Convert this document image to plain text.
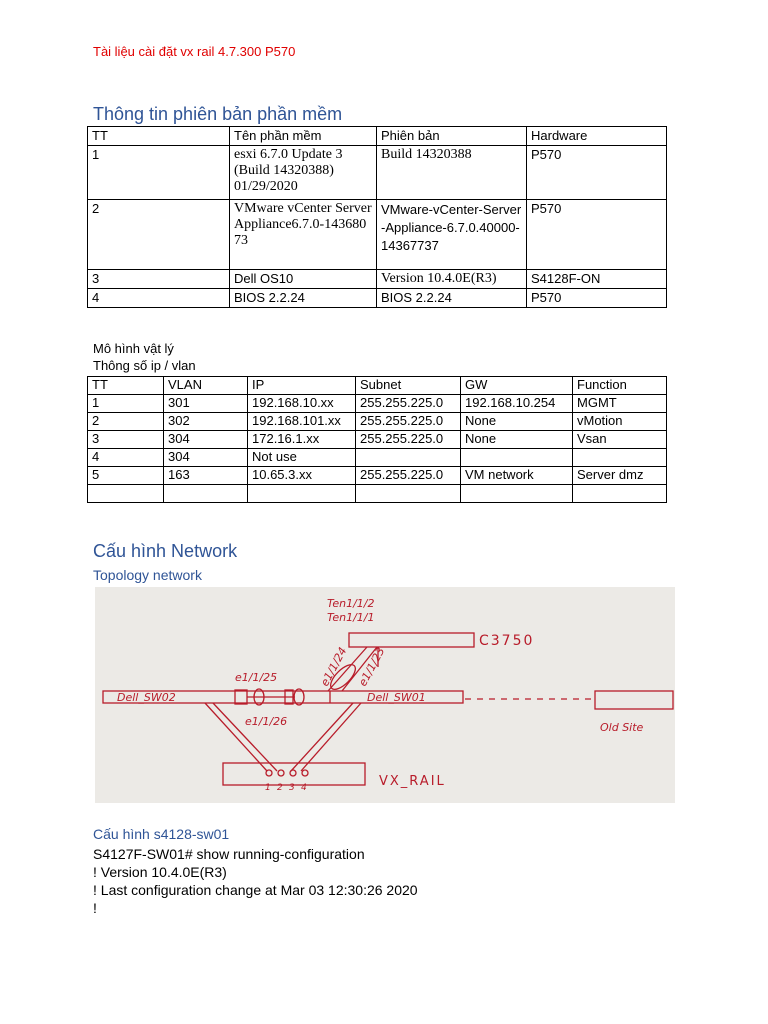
Tài liệu cài đặt vx rail 4.7.300 P570
Thông tin phiên bản phần mềm
TT	Tên phần mềm	Phiên bản	Hardware
1	esxi 6.7.0 Update 3 (Build 14320388) 01/29/2020	Build 14320388	P570
2	VMware vCenter Server Appliance6.7.0-14368073	VMware-vCenter-Server-Appliance-6.7.0.40000-14367737	P570
3	Dell OS10	Version 10.4.0E(R3)	S4128F-ON
4	BIOS 2.2.24	BIOS 2.2.24	P570
Mô hình vật lý
Thông số ip / vlan
TT	VLAN	IP	Subnet	GW	Function
1	301	192.168.10.xx	255.255.225.0	192.168.10.254	MGMT
2	302	192.168.101.xx	255.255.225.0	None	vMotion
3	304	172.16.1.xx	255.255.225.0	None	Vsan
4	304	Not use			
5	163	10.65.3.xx	255.255.225.0	VM network	Server dmz

Cấu hình Network
Topology network
Ten1/1/2
Ten1/1/1
C3750
e1/1/25	e1/1/24 e1/1/23
Dell_SW02	Dell_SW01
e1/1/26	Old Site
1 2 3 4	VX_RAIL
Cấu hình s4128-sw01
S4127F-SW01# show running-configuration
! Version 10.4.0E(R3)
! Last configuration change at Mar 03 12:30:26 2020
!
